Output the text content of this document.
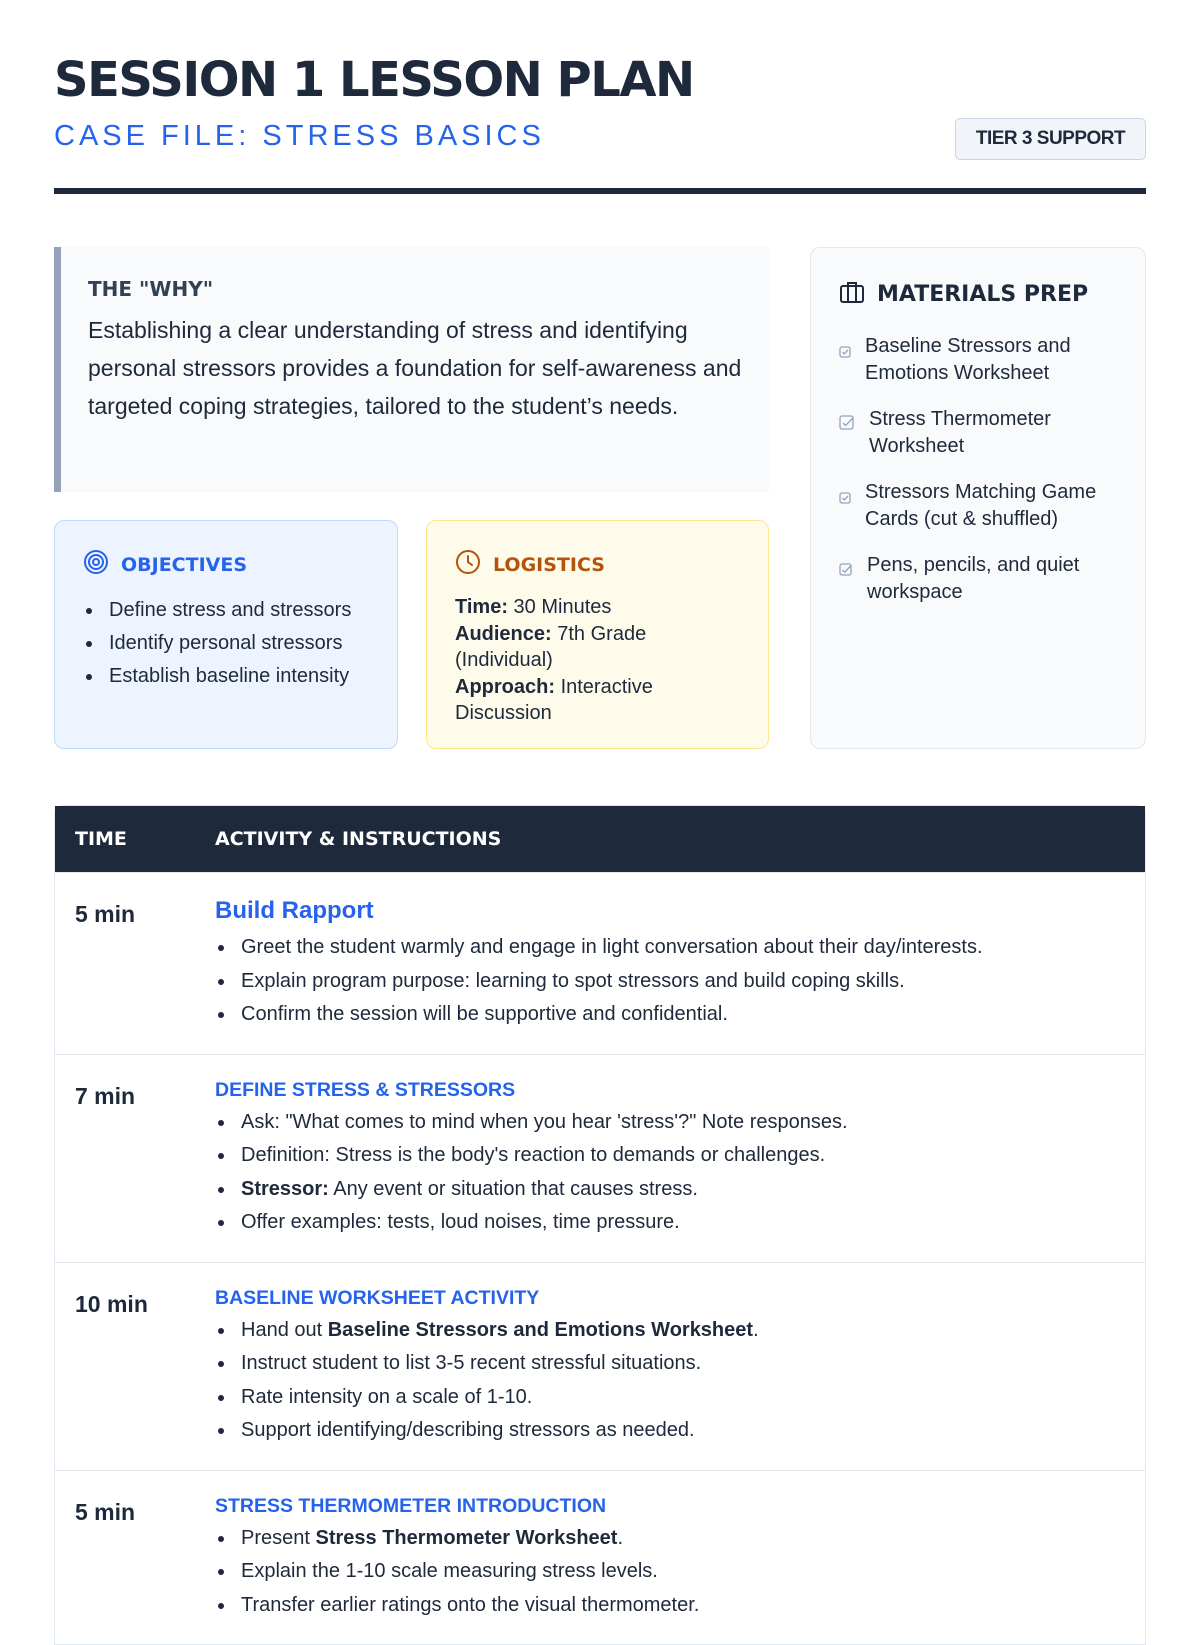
SESSION 1 LESSON PLAN
CASE FILE: STRESS BASICS	TIER 3 SUPPORT
THE "WHY"
Establishing a clear understanding of stress and identifying personal stressors provides a foundation for self-awareness and targeted coping strategies, tailored to the student’s needs.
OBJECTIVES
Define stress and stressors
Identify personal stressors
Establish baseline intensity
LOGISTICS
Time: 30 Minutes
Audience: 7th Grade (Individual)
Approach: Interactive Discussion
MATERIALS PREP
Baseline Stressors and Emotions Worksheet
Stress Thermometer Worksheet
Stressors Matching Game Cards (cut & shuffled)
Pens, pencils, and quiet workspace
TIME	ACTIVITY & INSTRUCTIONS
5 min	Build Rapport
Greet the student warmly and engage in light conversation about their day/interests.
Explain program purpose: learning to spot stressors and build coping skills.
Confirm the session will be supportive and confidential.
7 min	DEFINE STRESS & STRESSORS
Ask: "What comes to mind when you hear 'stress'?" Note responses.
Definition: Stress is the body's reaction to demands or challenges.
Stressor: Any event or situation that causes stress.
Offer examples: tests, loud noises, time pressure.
10 min	BASELINE WORKSHEET ACTIVITY
Hand out Baseline Stressors and Emotions Worksheet.
Instruct student to list 3-5 recent stressful situations.
Rate intensity on a scale of 1-10.
Support identifying/describing stressors as needed.
5 min	STRESS THERMOMETER INTRODUCTION
Present Stress Thermometer Worksheet.
Explain the 1-10 scale measuring stress levels.
Transfer earlier ratings onto the visual thermometer.
